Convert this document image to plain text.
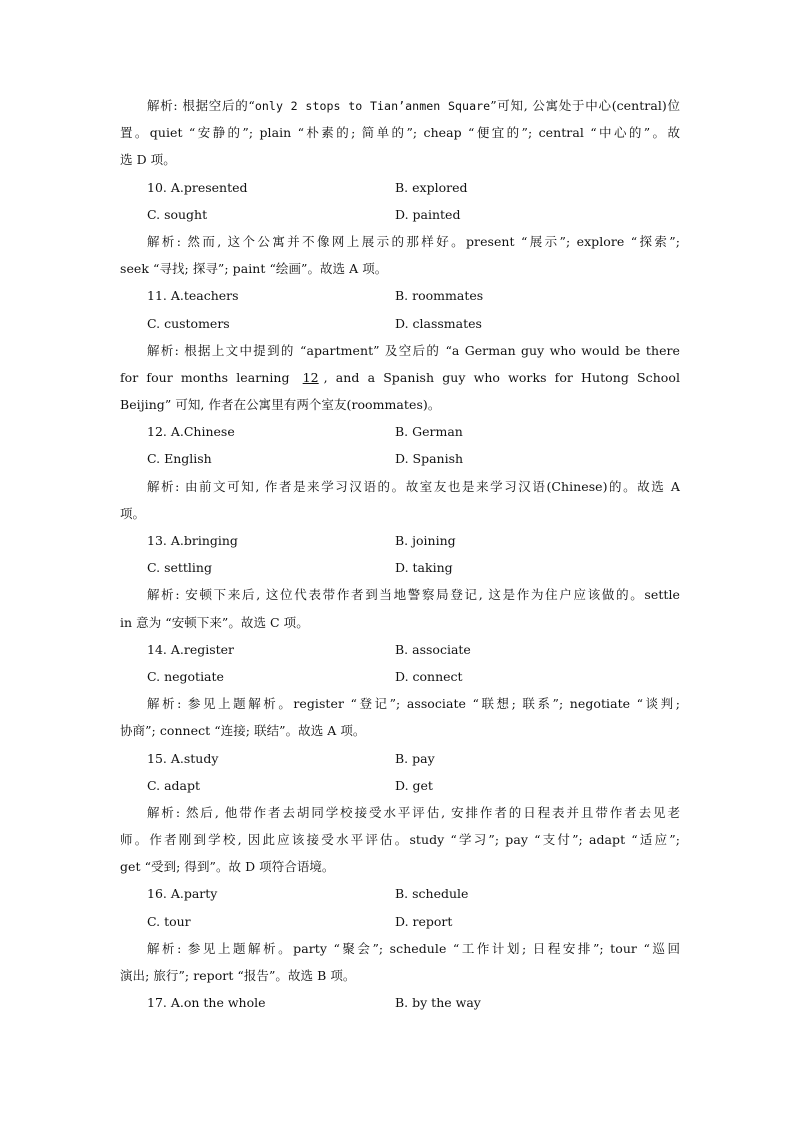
解析: 根据空后的“only 2 stops to Tian’anmen Square”可知, 公寓处于中心(central)位
置。quiet “安静的”; plain “朴素的; 简单的”; cheap “便宜的”; central “中心的”。故
选 D 项。
10. A.presented	B. explored
C. sought	D. painted
解析: 然而, 这个公寓并不像网上展示的那样好。present “展示”; explore “探索”;
seek “寻找; 探寻”; paint “绘画”。故选 A 项。
11. A.teachers	B. roommates
C. customers	D. classmates
解析: 根据上文中提到的 “apartment” 及空后的 “a German guy who would be there
for four months learning 12 , and a Spanish guy who works for Hutong School
Beijing” 可知, 作者在公寓里有两个室友(roommates)。
12. A.Chinese	B. German
C. English	D. Spanish
解析: 由前文可知, 作者是来学习汉语的。故室友也是来学习汉语(Chinese)的。故选 A
项。
13. A.bringing	B. joining
C. settling	D. taking
解析: 安顿下来后, 这位代表带作者到当地警察局登记, 这是作为住户应该做的。settle
in 意为 “安顿下来”。故选 C 项。
14. A.register	B. associate
C. negotiate	D. connect
解析: 参见上题解析。register “登记”; associate “联想; 联系”; negotiate “谈判;
协商”; connect “连接; 联结”。故选 A 项。
15. A.study	B. pay
C. adapt	D. get
解析: 然后, 他带作者去胡同学校接受水平评估, 安排作者的日程表并且带作者去见老
师。作者刚到学校, 因此应该接受水平评估。study “学习”; pay “支付”; adapt “适应”;
get “受到; 得到”。故 D 项符合语境。
16. A.party	B. schedule
C. tour	D. report
解析: 参见上题解析。party “聚会”; schedule “工作计划; 日程安排”; tour “巡回
演出; 旅行”; report “报告”。故选 B 项。
17. A.on the whole	B. by the way
